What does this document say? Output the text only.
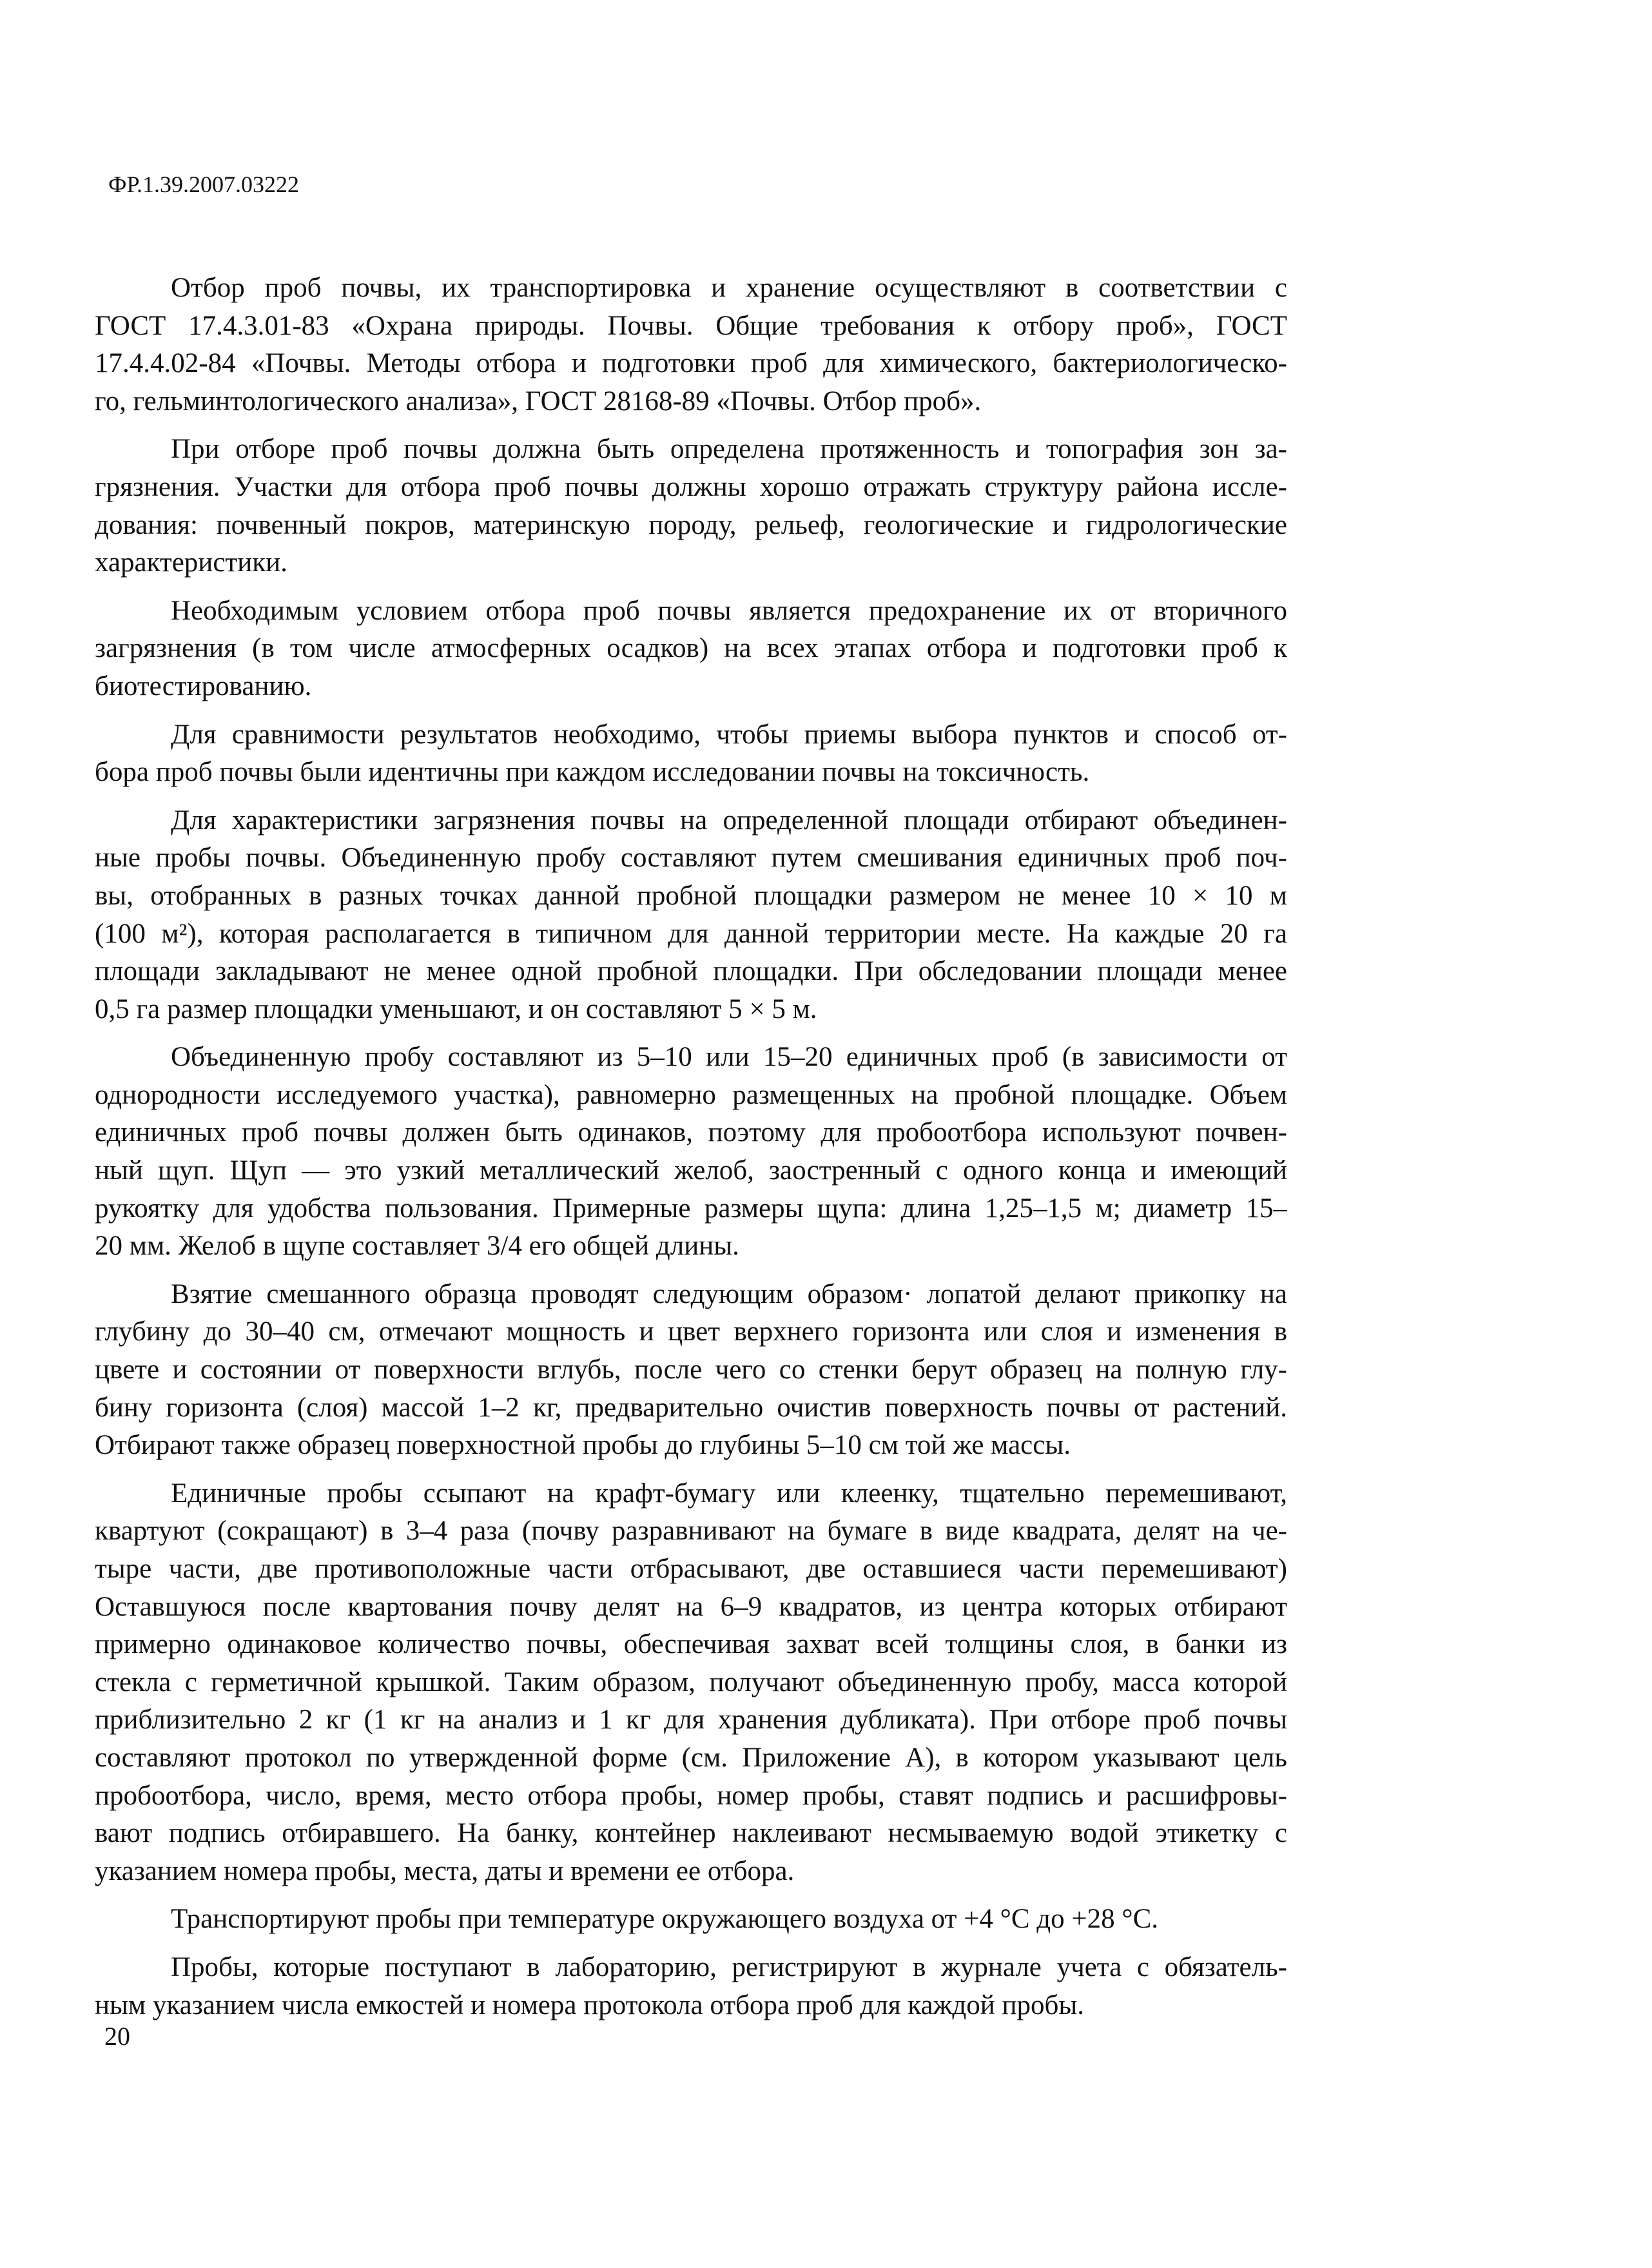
ФР.1.39.2007.03222
Отбор проб почвы, их транспортировка и хранение осуществляют в соответствии с
ГОСТ 17.4.3.01-83 «Охрана природы. Почвы. Общие требования к отбору проб», ГОСТ
17.4.4.02-84 «Почвы. Методы отбора и подготовки проб для химического, бактериологическо-
го, гельминтологического анализа», ГОСТ 28168-89 «Почвы. Отбор проб».
При отборе проб почвы должна быть определена протяженность и топография зон за-
грязнения. Участки для отбора проб почвы должны хорошо отражать структуру района иссле-
дования: почвенный покров, материнскую породу, рельеф, геологические и гидрологические
характеристики.
Необходимым условием отбора проб почвы является предохранение их от вторичного
загрязнения (в том числе атмосферных осадков) на всех этапах отбора и подготовки проб к
биотестированию.
Для сравнимости результатов необходимо, чтобы приемы выбора пунктов и способ от-
бора проб почвы были идентичны при каждом исследовании почвы на токсичность.
Для характеристики загрязнения почвы на определенной площади отбирают объединен-
ные пробы почвы. Объединенную пробу составляют путем смешивания единичных проб поч-
вы, отобранных в разных точках данной пробной площадки размером не менее 10 × 10 м
(100 м²), которая располагается в типичном для данной территории месте. На каждые 20 га
площади закладывают не менее одной пробной площадки. При обследовании площади менее
0,5 га размер площадки уменьшают, и он составляют 5 × 5 м.
Объединенную пробу составляют из 5–10 или 15–20 единичных проб (в зависимости от
однородности исследуемого участка), равномерно размещенных на пробной площадке. Объем
единичных проб почвы должен быть одинаков, поэтому для пробоотбора используют почвен-
ный щуп. Щуп — это узкий металлический желоб, заостренный с одного конца и имеющий
рукоятку для удобства пользования. Примерные размеры щупа: длина 1,25–1,5 м; диаметр 15–
20 мм. Желоб в щупе составляет 3/4 его общей длины.
Взятие смешанного образца проводят следующим образом· лопатой делают прикопку на
глубину до 30–40 см, отмечают мощность и цвет верхнего горизонта или слоя и изменения в
цвете и состоянии от поверхности вглубь, после чего со стенки берут образец на полную глу-
бину горизонта (слоя) массой 1–2 кг, предварительно очистив поверхность почвы от растений.
Отбирают также образец поверхностной пробы до глубины 5–10 см той же массы.
Единичные пробы ссыпают на крафт-бумагу или клеенку, тщательно перемешивают,
квартуют (сокращают) в 3–4 раза (почву разравнивают на бумаге в виде квадрата, делят на че-
тыре части, две противоположные части отбрасывают, две оставшиеся части перемешивают)
Оставшуюся после квартования почву делят на 6–9 квадратов, из центра которых отбирают
примерно одинаковое количество почвы, обеспечивая захват всей толщины слоя, в банки из
стекла с герметичной крышкой. Таким образом, получают объединенную пробу, масса которой
приблизительно 2 кг (1 кг на анализ и 1 кг для хранения дубликата). При отборе проб почвы
составляют протокол по утвержденной форме (см. Приложение А), в котором указывают цель
пробоотбора, число, время, место отбора пробы, номер пробы, ставят подпись и расшифровы-
вают подпись отбиравшего. На банку, контейнер наклеивают несмываемую водой этикетку с
указанием номера пробы, места, даты и времени ее отбора.
Транспортируют пробы при температуре окружающего воздуха от +4 °С до +28 °С.
Пробы, которые поступают в лабораторию, регистрируют в журнале учета с обязатель-
ным указанием числа емкостей и номера протокола отбора проб для каждой пробы.
20
